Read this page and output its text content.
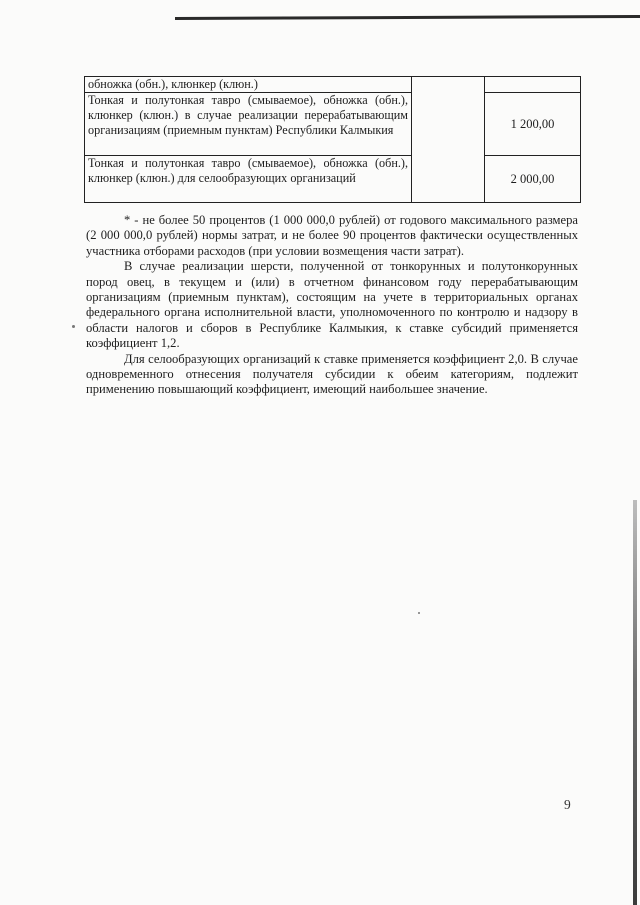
обножка (обн.), клюнкер (клюн.)		
Тонкая и полутонкая тавро (смываемое), обножка (обн.), клюнкер (клюн.) в случае реализации перерабатывающим организациям (приемным пунктам) Республики Калмыкия		1 200,00
Тонкая и полутонкая тавро (смываемое), обножка (обн.), клюнкер (клюн.) для селообразующих организаций		2 000,00

* - не более 50 процентов (1 000 000,0 рублей) от годового максимального размера (2 000 000,0 рублей) нормы затрат, и не более 90 процентов фактически осуществленных участника отборами расходов (при условии возмещения части затрат).

В случае реализации шерсти, полученной от тонкорунных и полутонкорунных пород овец, в текущем и (или) в отчетном финансовом году перерабатывающим организациям (приемным пунктам), состоящим на учете в территориальных органах федерального органа исполнительной власти, уполномоченного по контролю и надзору в области налогов и сборов в Республике Калмыкия, к ставке субсидий применяется коэффициент 1,2.

Для селообразующих организаций к ставке применяется коэффициент 2,0. В случае одновременного отнесения получателя субсидии к обеим категориям, подлежит применению повышающий коэффициент, имеющий наибольшее значение.

9
